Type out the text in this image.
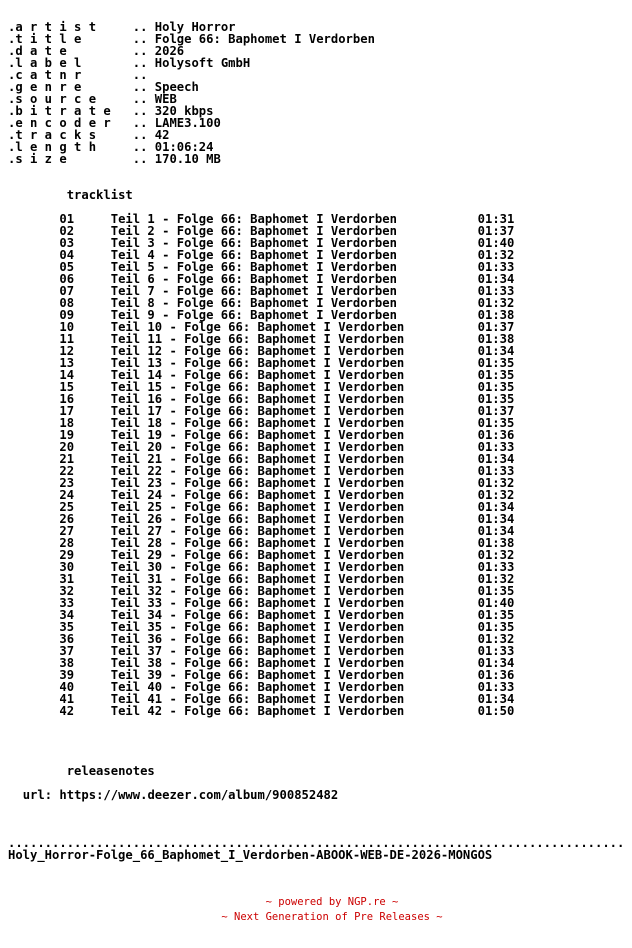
.a r t i s t	.. Holy Horror
.t i t l e	.. Folge 66: Baphomet I Verdorben
.d a t e	.. 2026
.l a b e l	.. Holysoft GmbH
.c a t n r	..
.g e n r e	.. Speech
.s o u r c e	.. WEB
.b i t r a t e .. 320 kbps
.e n c o d e r .. LAME3.100
.t r a c k s	.. 42
.l e n g t h	.. 01:06:24
.s i z e	.. 170.10 MB

tracklist

01	Teil 1 - Folge 66: Baphomet I Verdorben	01:31
02	Teil 2 - Folge 66: Baphomet I Verdorben	01:37
03	Teil 3 - Folge 66: Baphomet I Verdorben	01:40
04	Teil 4 - Folge 66: Baphomet I Verdorben	01:32
05	Teil 5 - Folge 66: Baphomet I Verdorben	01:33
06	Teil 6 - Folge 66: Baphomet I Verdorben	01:34
07	Teil 7 - Folge 66: Baphomet I Verdorben	01:33
08	Teil 8 - Folge 66: Baphomet I Verdorben	01:32
09	Teil 9 - Folge 66: Baphomet I Verdorben	01:38
10	Teil 10 - Folge 66: Baphomet I Verdorben	01:37
11	Teil 11 - Folge 66: Baphomet I Verdorben	01:38
12	Teil 12 - Folge 66: Baphomet I Verdorben	01:34
13	Teil 13 - Folge 66: Baphomet I Verdorben	01:35
14	Teil 14 - Folge 66: Baphomet I Verdorben	01:35
15	Teil 15 - Folge 66: Baphomet I Verdorben	01:35
16	Teil 16 - Folge 66: Baphomet I Verdorben	01:35
17	Teil 17 - Folge 66: Baphomet I Verdorben	01:37
18	Teil 18 - Folge 66: Baphomet I Verdorben	01:35
19	Teil 19 - Folge 66: Baphomet I Verdorben	01:36
20	Teil 20 - Folge 66: Baphomet I Verdorben	01:33
21	Teil 21 - Folge 66: Baphomet I Verdorben	01:34
22	Teil 22 - Folge 66: Baphomet I Verdorben	01:33
23	Teil 23 - Folge 66: Baphomet I Verdorben	01:32
24	Teil 24 - Folge 66: Baphomet I Verdorben	01:32
25	Teil 25 - Folge 66: Baphomet I Verdorben	01:34
26	Teil 26 - Folge 66: Baphomet I Verdorben	01:34
27	Teil 27 - Folge 66: Baphomet I Verdorben	01:34
28	Teil 28 - Folge 66: Baphomet I Verdorben	01:38
29	Teil 29 - Folge 66: Baphomet I Verdorben	01:32
30	Teil 30 - Folge 66: Baphomet I Verdorben	01:33
31	Teil 31 - Folge 66: Baphomet I Verdorben	01:32
32	Teil 32 - Folge 66: Baphomet I Verdorben	01:35
33	Teil 33 - Folge 66: Baphomet I Verdorben	01:40
34	Teil 34 - Folge 66: Baphomet I Verdorben	01:35
35	Teil 35 - Folge 66: Baphomet I Verdorben	01:35
36	Teil 36 - Folge 66: Baphomet I Verdorben	01:32
37	Teil 37 - Folge 66: Baphomet I Verdorben	01:33
38	Teil 38 - Folge 66: Baphomet I Verdorben	01:34
39	Teil 39 - Folge 66: Baphomet I Verdorben	01:36
40	Teil 40 - Folge 66: Baphomet I Verdorben	01:33
41	Teil 41 - Folge 66: Baphomet I Verdorben	01:34
42	Teil 42 - Folge 66: Baphomet I Verdorben	01:50

releasenotes

url: https://www.deezer.com/album/900852482

....................................................................................
Holy_Horror-Folge_66_Baphomet_I_Verdorben-ABOOK-WEB-DE-2026-MONGOS
~ powered by NGP.re ~
~ Next Generation of Pre Releases ~
